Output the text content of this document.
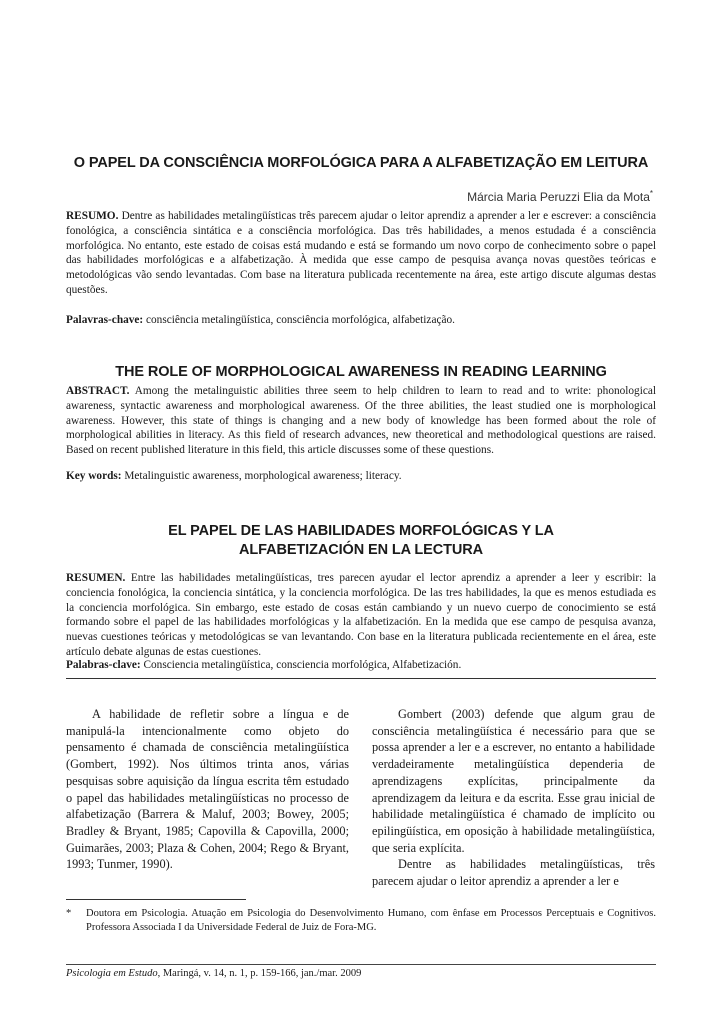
O PAPEL DA CONSCIÊNCIA MORFOLÓGICA PARA A ALFABETIZAÇÃO EM LEITURA
Márcia Maria Peruzzi Elia da Mota*
RESUMO. Dentre as habilidades metalingüísticas três parecem ajudar o leitor aprendiz a aprender a ler e escrever: a consciência fonológica, a consciência sintática e a consciência morfológica. Das três habilidades, a menos estudada é a consciência morfológica. No entanto, este estado de coisas está mudando e está se formando um novo corpo de conhecimento sobre o papel das habilidades morfológicas e a alfabetização. À medida que esse campo de pesquisa avança novas questões teóricas e metodológicas vão sendo levantadas. Com base na literatura publicada recentemente na área, este artigo discute algumas destas questões.
Palavras-chave: consciência metalingüística, consciência morfológica, alfabetização.
THE ROLE OF MORPHOLOGICAL AWARENESS IN READING LEARNING
ABSTRACT. Among the metalinguistic abilities three seem to help children to learn to read and to write: phonological awareness, syntactic awareness and morphological awareness. Of the three abilities, the least studied one is morphological awareness. However, this state of things is changing and a new body of knowledge has been formed about the role of morphological abilities in literacy. As this field of research advances, new theoretical and methodological questions are raised. Based on recent published literature in this field, this article discusses some of these questions.
Key words: Metalinguistic awareness, morphological awareness; literacy.
EL PAPEL DE LAS HABILIDADES MORFOLÓGICAS Y LA
ALFABETIZACIÓN EN LA LECTURA
RESUMEN. Entre las habilidades metalingüísticas, tres parecen ayudar el lector aprendiz a aprender a leer y escribir: la conciencia fonológica, la conciencia sintática, y la conciencia morfológica. De las tres habilidades, la que es menos estudiada es la conciencia morfológica. Sin embargo, este estado de cosas están cambiando y un nuevo cuerpo de conocimiento se está formando sobre el papel de las habilidades morfológicas y la alfabetización. En la medida que ese campo de pesquisa avanza, nuevas cuestiones teóricas y metodológicas se van levantando. Con base en la literatura publicada recientemente en el área, este artículo debate algunas de estas cuestiones.
Palabras-clave: Consciencia metalingüística, consciencia morfológica, Alfabetización.

A habilidade de refletir sobre a língua e de manipulá-la intencionalmente como objeto do pensamento é chamada de consciência metalingüística (Gombert, 1992). Nos últimos trinta anos, várias pesquisas sobre aquisição da língua escrita têm estudado o papel das habilidades metalingüísticas no processo de alfabetização (Barrera & Maluf, 2003; Bowey, 2005; Bradley & Bryant, 1985; Capovilla & Capovilla, 2000; Guimarães, 2003; Plaza & Cohen, 2004; Rego & Bryant, 1993; Tunmer, 1990).

Gombert (2003) defende que algum grau de consciência metalingüística é necessário para que se possa aprender a ler e a escrever, no entanto a habilidade verdadeiramente metalingüística dependeria de aprendizagens explícitas, principalmente da aprendizagem da leitura e da escrita. Esse grau inicial de habilidade metalingüística é chamado de implícito ou epilingüística, em oposição à habilidade metalingüística, que seria explícita.

Dentre as habilidades metalingüísticas, três parecem ajudar o leitor aprendiz a aprender a ler e

* Doutora em Psicologia. Atuação em Psicologia do Desenvolvimento Humano, com ênfase em Processos Perceptuais e Cognitivos. Professora Associada I da Universidade Federal de Juiz de Fora-MG.
Psicologia em Estudo, Maringá, v. 14, n. 1, p. 159-166, jan./mar. 2009
